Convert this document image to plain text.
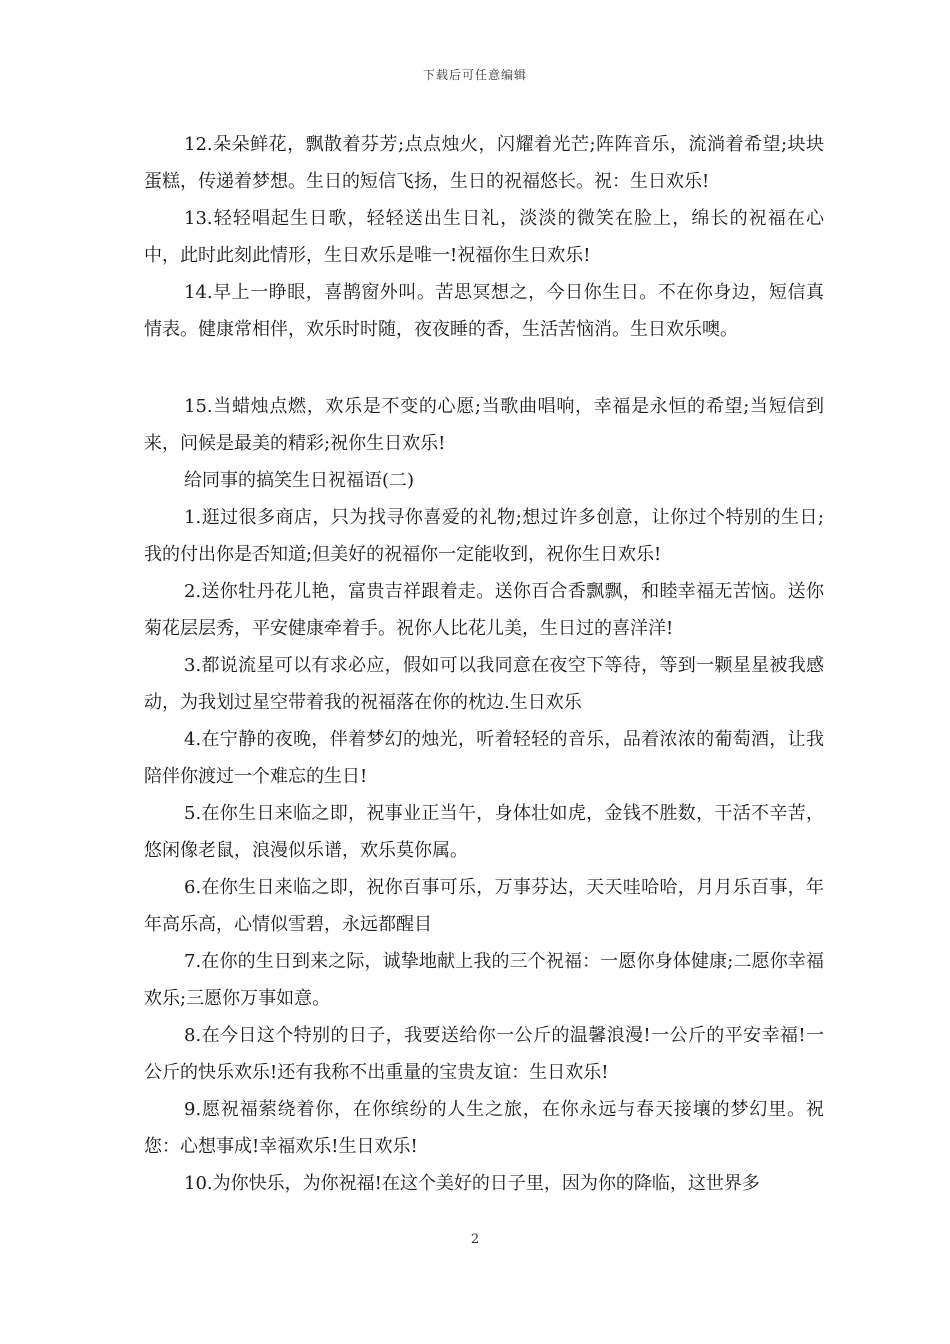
下载后可任意编辑

12.朵朵鲜花，飘散着芬芳;点点烛火，闪耀着光芒;阵阵音乐，流淌着希望;块块蛋糕，传递着梦想。生日的短信飞扬，生日的祝福悠长。祝：生日欢乐!

13.轻轻唱起生日歌，轻轻送出生日礼，淡淡的微笑在脸上，绵长的祝福在心中，此时此刻此情形，生日欢乐是唯一!祝福你生日欢乐!

14.早上一睁眼，喜鹊窗外叫。苦思冥想之，今日你生日。不在你身边，短信真情表。健康常相伴，欢乐时时随，夜夜睡的香，生活苦恼消。生日欢乐噢。

15.当蜡烛点燃，欢乐是不变的心愿;当歌曲唱响，幸福是永恒的希望;当短信到来，问候是最美的精彩;祝你生日欢乐!

给同事的搞笑生日祝福语(二)

1.逛过很多商店，只为找寻你喜爱的礼物;想过许多创意，让你过个特别的生日;我的付出你是否知道;但美好的祝福你一定能收到，祝你生日欢乐!

2.送你牡丹花儿艳，富贵吉祥跟着走。送你百合香飘飘，和睦幸福无苦恼。送你菊花层层秀，平安健康牵着手。祝你人比花儿美，生日过的喜洋洋!

3.都说流星可以有求必应，假如可以我同意在夜空下等待，等到一颗星星被我感动，为我划过星空带着我的祝福落在你的枕边.生日欢乐

4.在宁静的夜晚，伴着梦幻的烛光，听着轻轻的音乐，品着浓浓的葡萄酒，让我陪伴你渡过一个难忘的生日!

5.在你生日来临之即，祝事业正当午，身体壮如虎，金钱不胜数，干活不辛苦，悠闲像老鼠，浪漫似乐谱，欢乐莫你属。

6.在你生日来临之即，祝你百事可乐，万事芬达，天天哇哈哈，月月乐百事，年年高乐高，心情似雪碧，永远都醒目

7.在你的生日到来之际，诚挚地献上我的三个祝福：一愿你身体健康;二愿你幸福欢乐;三愿你万事如意。

8.在今日这个特别的日子，我要送给你一公斤的温馨浪漫!一公斤的平安幸福!一公斤的快乐欢乐!还有我称不出重量的宝贵友谊：生日欢乐!

9.愿祝福萦绕着你，在你缤纷的人生之旅，在你永远与春天接壤的梦幻里。祝您：心想事成!幸福欢乐!生日欢乐!

10.为你快乐，为你祝福!在这个美好的日子里，因为你的降临，这世界多

2
